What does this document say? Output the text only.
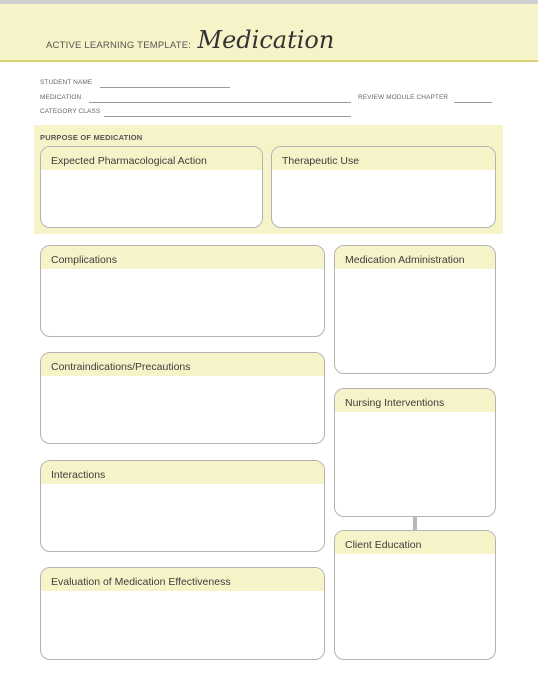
ACTIVE LEARNING TEMPLATE: Medication
STUDENT NAME
MEDICATION	REVIEW MODULE CHAPTER
CATEGORY CLASS
PURPOSE OF MEDICATION
Expected Pharmacological Action	Therapeutic Use
Complications
Contraindications/Precautions
Interactions
Evaluation of Medication Effectiveness
Medication Administration
Nursing Interventions
Client Education
